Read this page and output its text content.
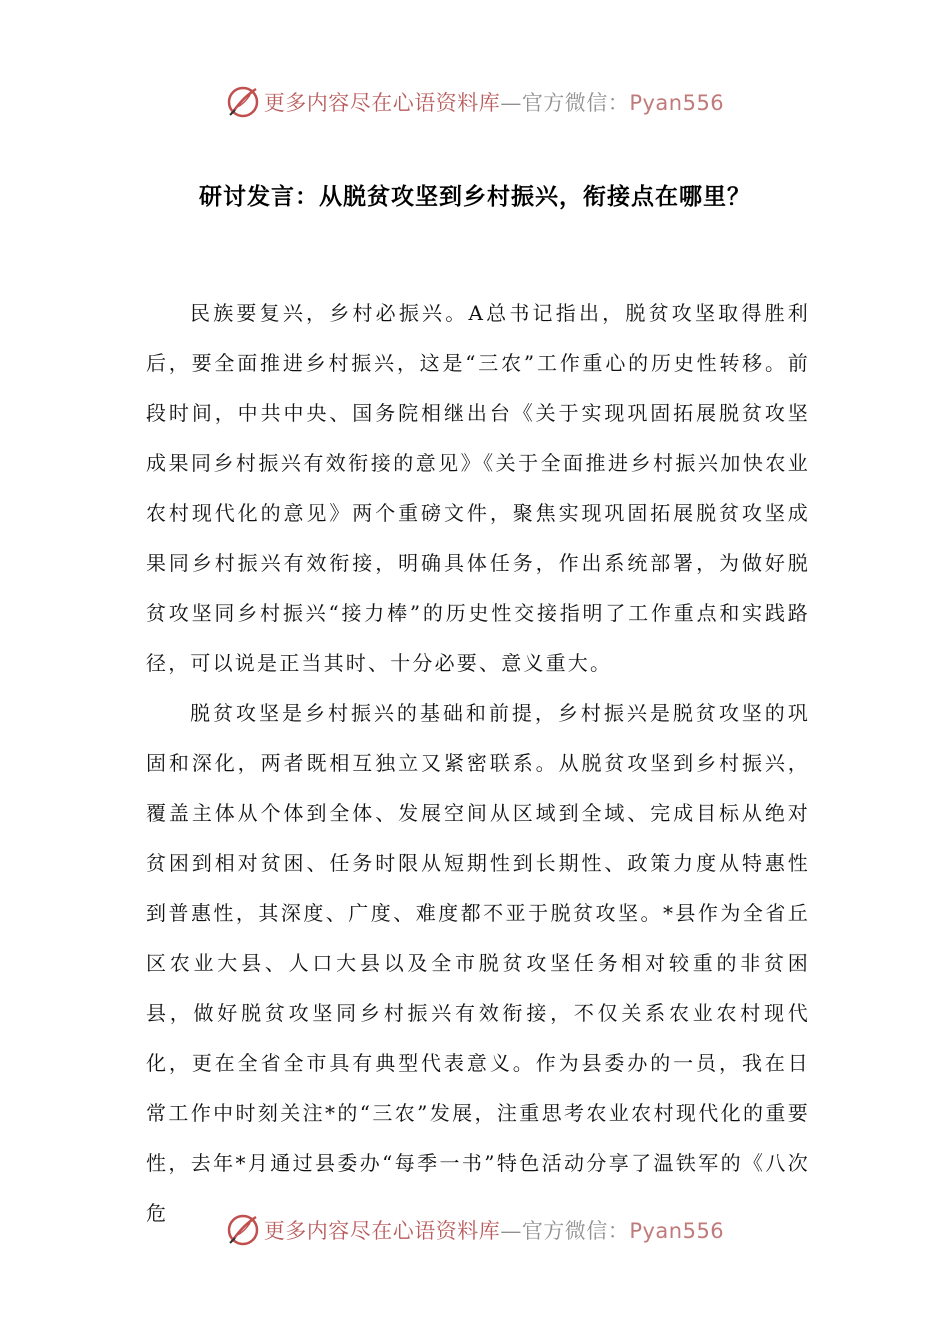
更多内容尽在心语资料库—官方微信：Pyan556
研讨发言：从脱贫攻坚到乡村振兴，衔接点在哪里？

民族要复兴，乡村必振兴。A总书记指出，脱贫攻坚取得胜利后，要全面推进乡村振兴，这是“三农”工作重心的历史性转移。前段时间，中共中央、国务院相继出台《关于实现巩固拓展脱贫攻坚成果同乡村振兴有效衔接的意见》《关于全面推进乡村振兴加快农业农村现代化的意见》两个重磅文件，聚焦实现巩固拓展脱贫攻坚成果同乡村振兴有效衔接，明确具体任务，作出系统部署，为做好脱贫攻坚同乡村振兴“接力棒”的历史性交接指明了工作重点和实践路径，可以说是正当其时、十分必要、意义重大。

脱贫攻坚是乡村振兴的基础和前提，乡村振兴是脱贫攻坚的巩固和深化，两者既相互独立又紧密联系。从脱贫攻坚到乡村振兴，覆盖主体从个体到全体、发展空间从区域到全域、完成目标从绝对贫困到相对贫困、任务时限从短期性到长期性、政策力度从特惠性到普惠性，其深度、广度、难度都不亚于脱贫攻坚。*县作为全省丘区农业大县、人口大县以及全市脱贫攻坚任务相对较重的非贫困县，做好脱贫攻坚同乡村振兴有效衔接，不仅关系农业农村现代化，更在全省全市具有典型代表意义。作为县委办的一员，我在日常工作中时刻关注*的“三农”发展，注重思考农业农村现代化的重要性，去年*月通过县委办“每季一书”特色活动分享了温铁军的《八次危

更多内容尽在心语资料库—官方微信：Pyan556
